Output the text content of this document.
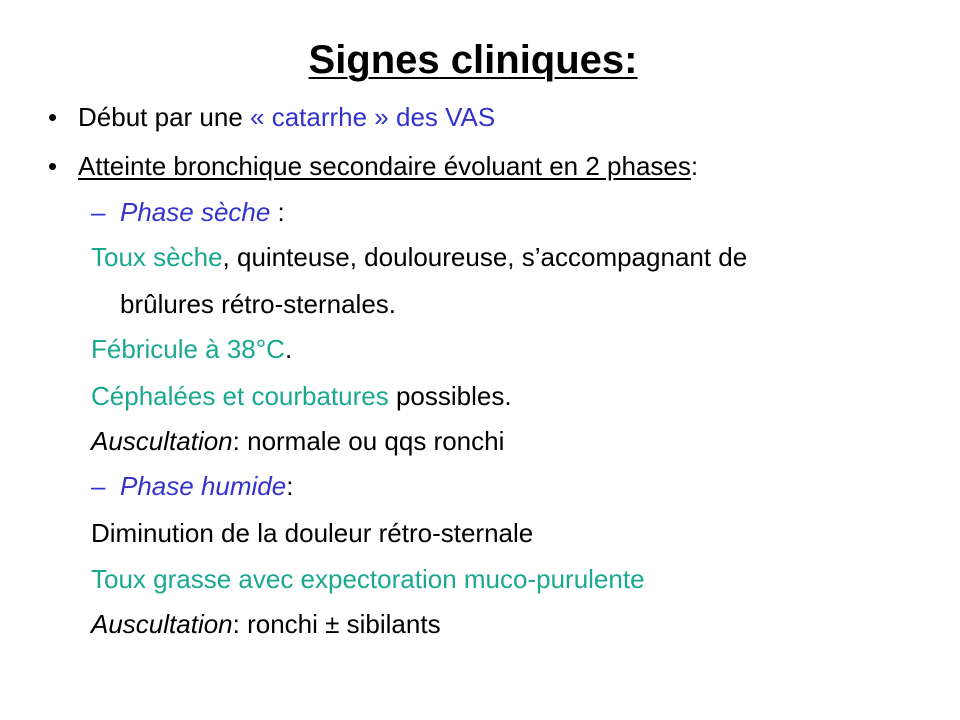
Signes cliniques:
• Début par une « catarrhe » des VAS
• Atteinte bronchique secondaire évoluant en 2 phases:
– Phase sèche :
Toux sèche, quinteuse, douloureuse, s’accompagnant de
brûlures rétro-sternales.
Fébricule à 38°C.
Céphalées et courbatures possibles.
Auscultation: normale ou qqs ronchi
– Phase humide:
Diminution de la douleur rétro-sternale
Toux grasse avec expectoration muco-purulente
Auscultation: ronchi ± sibilants
